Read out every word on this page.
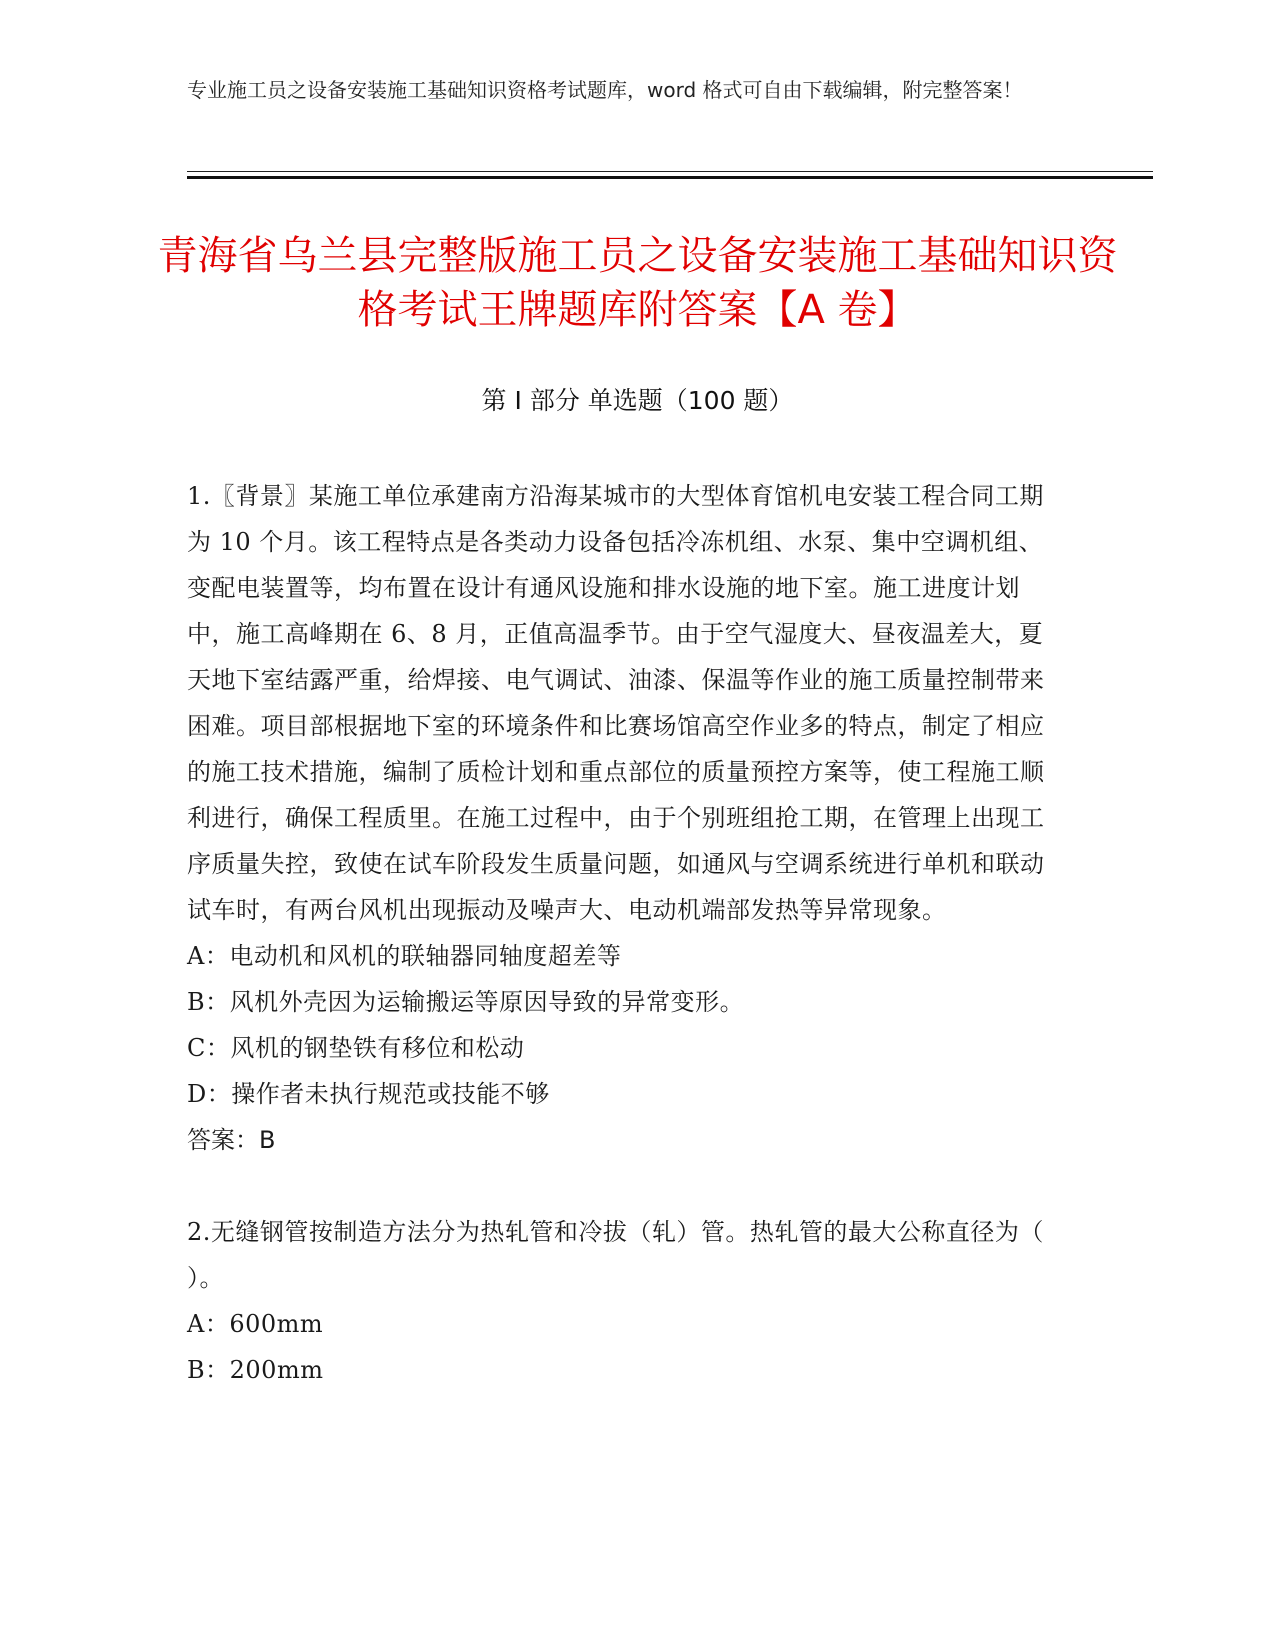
专业施工员之设备安装施工基础知识资格考试题库，word 格式可自由下载编辑，附完整答案！
青海省乌兰县完整版施工员之设备安装施工基础知识资格考试王牌题库附答案【A 卷】
第 I 部分 单选题（100 题）

1.〖背景〗某施工单位承建南方沿海某城市的大型体育馆机电安装工程合同工期为 10 个月。该工程特点是各类动力设备包括冷冻机组、水泵、集中空调机组、变配电装置等，均布置在设计有通风设施和排水设施的地下室。施工进度计划中，施工高峰期在 6、8 月，正值高温季节。由于空气湿度大、昼夜温差大，夏天地下室结露严重，给焊接、电气调试、油漆、保温等作业的施工质量控制带来困难。项目部根据地下室的环境条件和比赛场馆高空作业多的特点，制定了相应的施工技术措施，编制了质检计划和重点部位的质量预控方案等，使工程施工顺利进行，确保工程质里。在施工过程中，由于个别班组抢工期，在管理上出现工序质量失控，致使在试车阶段发生质量问题，如通风与空调系统进行单机和联动试车时，有两台风机出现振动及噪声大、电动机端部发热等异常现象。

A：电动机和风机的联轴器同轴度超差等

B：风机外壳因为运输搬运等原因导致的异常变形。

C：风机的钢垫铁有移位和松动

D：操作者未执行规范或技能不够

答案：B

2.无缝钢管按制造方法分为热轧管和冷拔（轧）管。热轧管的最大公称直径为（ ）。

A：600mm

B：200mm
